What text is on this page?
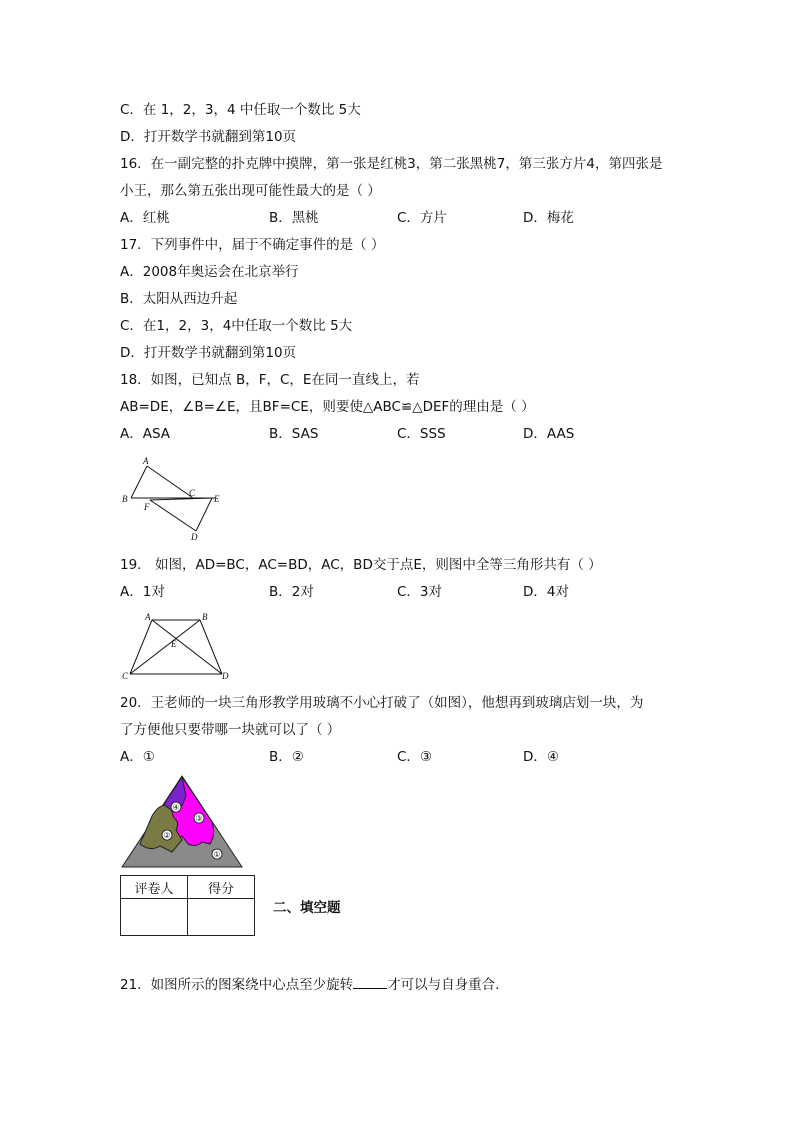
C．在 1，2，3，4 中任取一个数比 5大
D．打开数学书就翻到第10页
16．在一副完整的扑克牌中摸牌，第一张是红桃3，第二张黑桃7，第三张方片4，第四张是
小王，那么第五张出现可能性最大的是（ ）
A．红桃	B．黑桃	C．方片	D．梅花
17．下列事件中，届于不确定事件的是（ ）
A．2008年奥运会在北京举行
B．太阳从西边升起
C．在1，2，3，4中任取一个数比 5大
D．打开数学书就翻到第10页
18．如图，已知点 B，F，C，E在同一直线上，若
AB=DE，∠B=∠E，且BF=CE，则要使△ABC≌△DEF的理由是（ ）
A．ASA	B．SAS	C．SSS	D．AAS
A
B
F
C
E
D
19． 如图，AD=BC，AC=BD，AC，BD交于点E，则图中全等三角形共有（ ）
A．1对	B．2对	C．3对	D．4对
A	B
E
C	D
20．王老师的一块三角形教学用玻璃不小心打破了（如图），他想再到玻璃店划一块，为
了方便他只要带哪一块就可以了（ ）
A．①	B．②	C．③	D．④
④
③
②
①
评卷人	得分

二、填空题
21．如图所示的图案绕中心点至少旋转	才可以与自身重合.
